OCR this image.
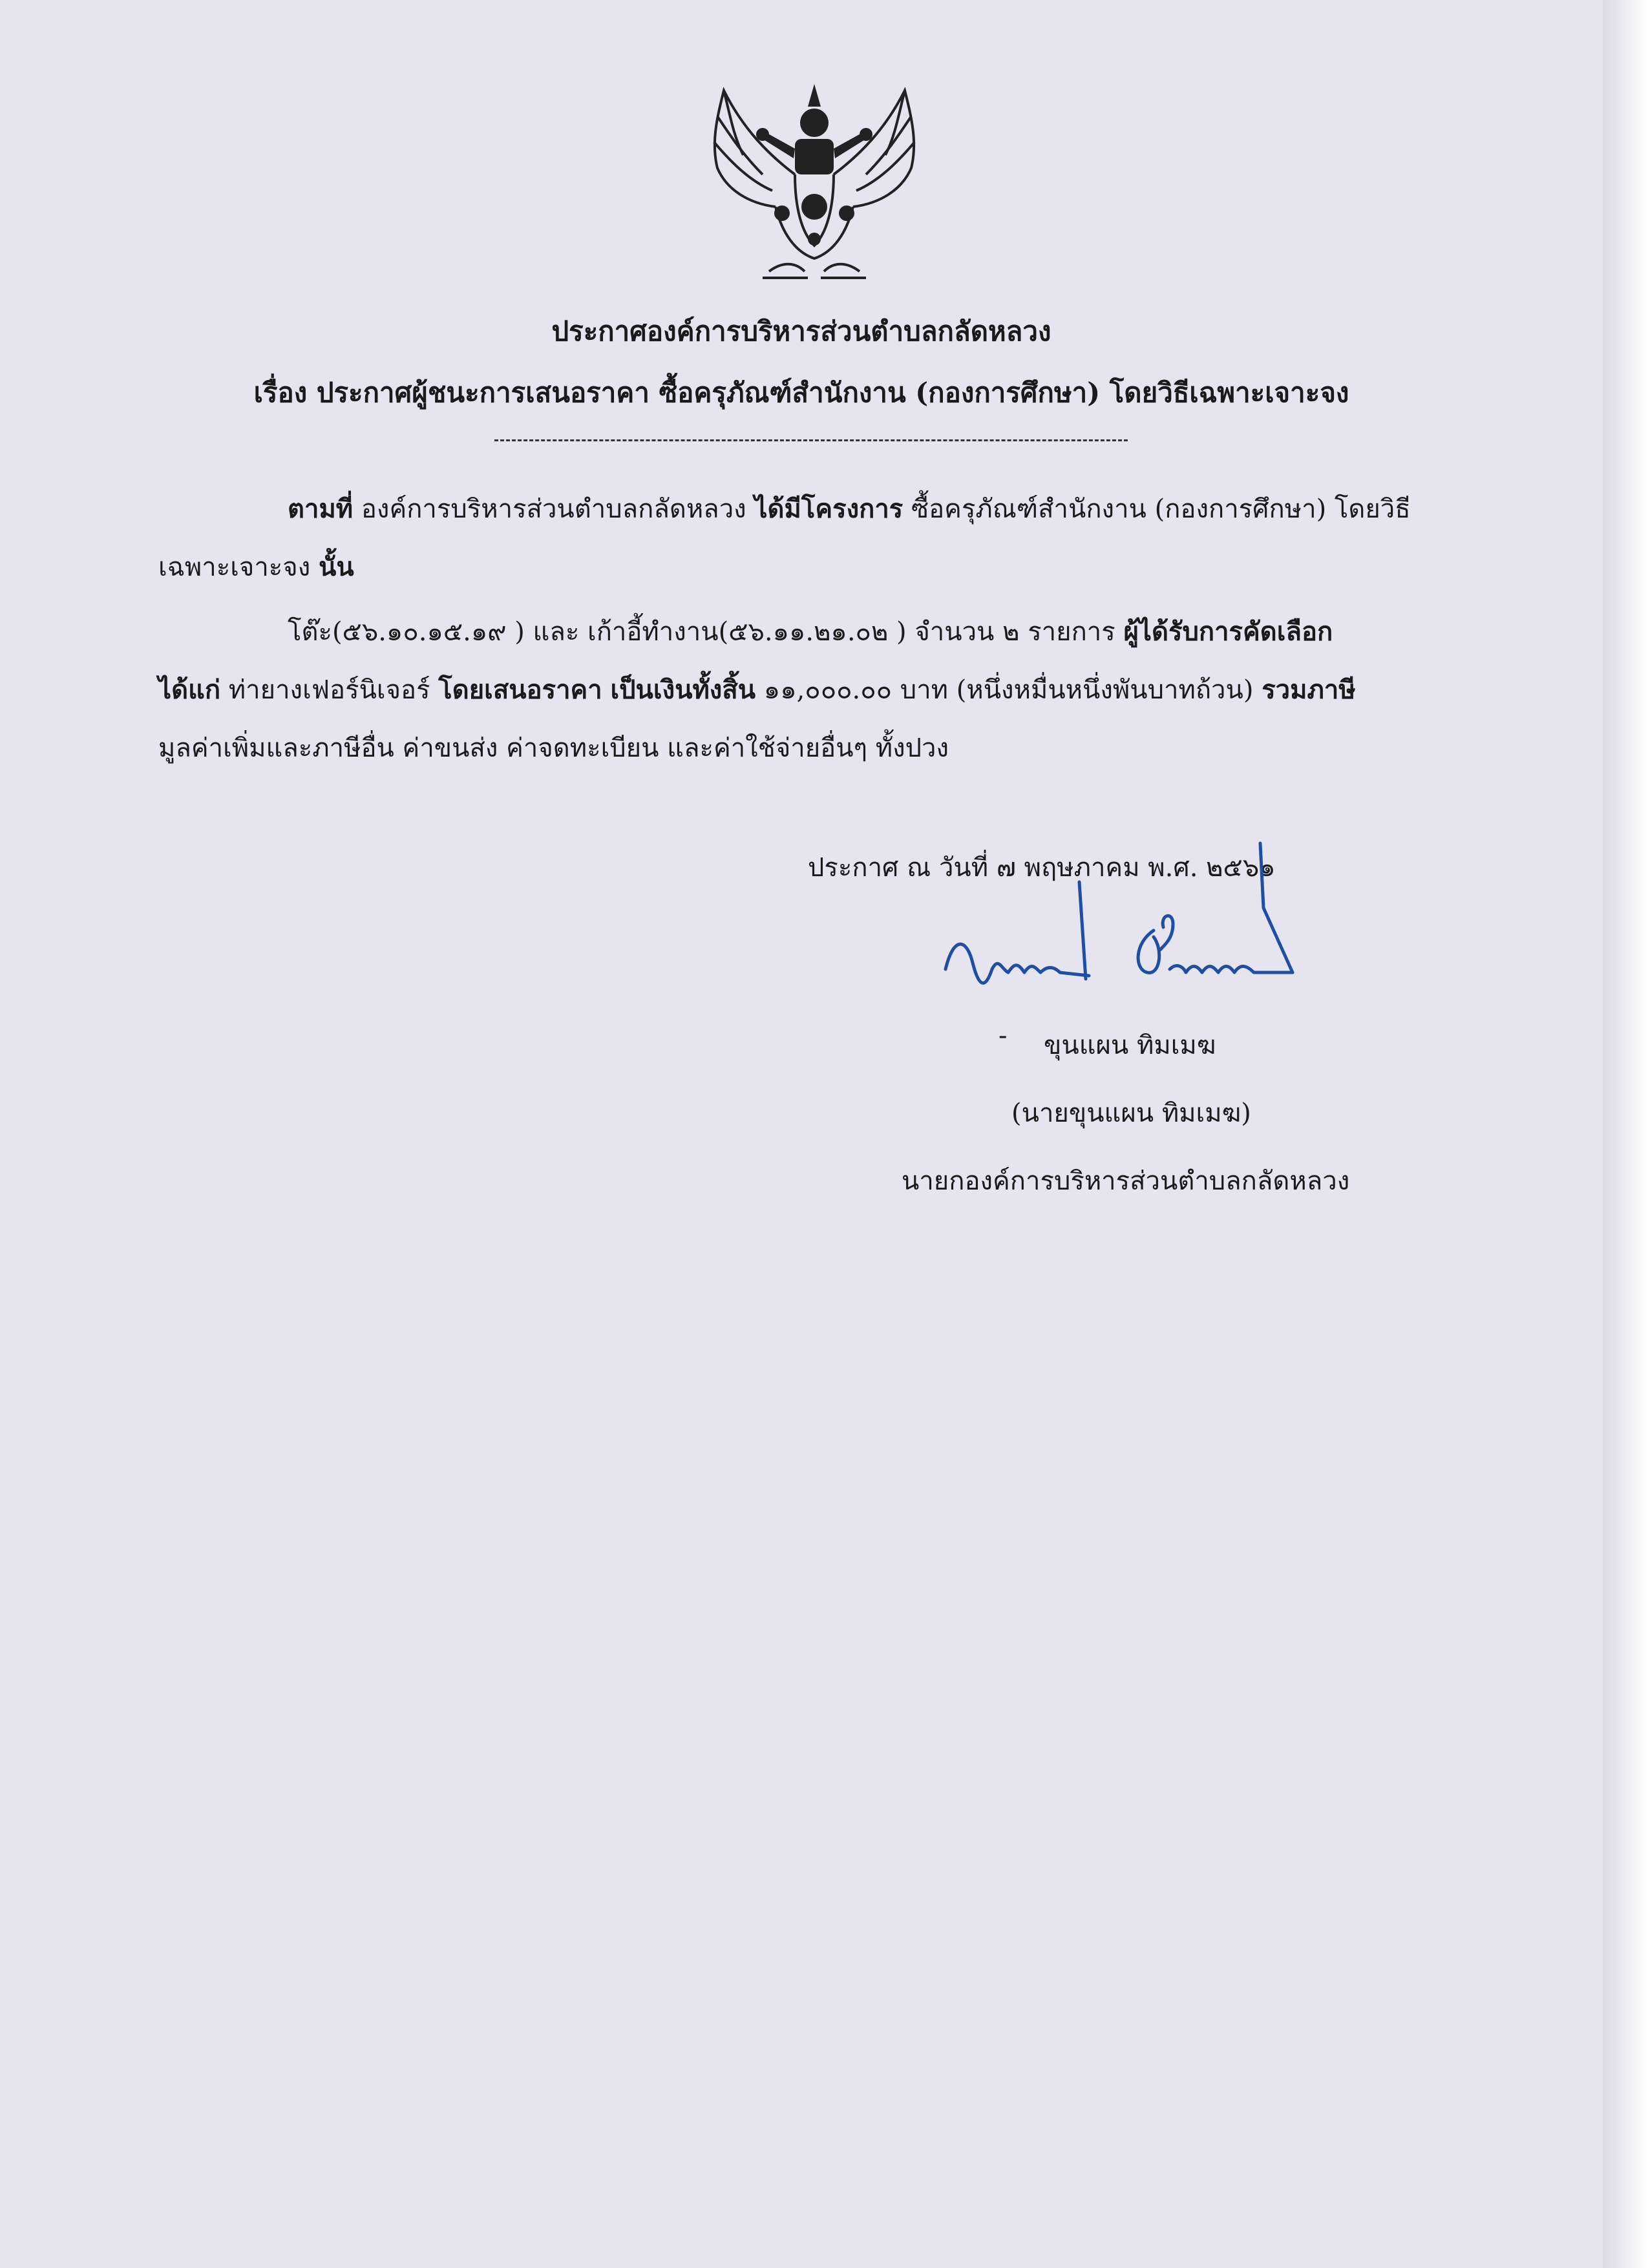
ประกาศองค์การบริหารส่วนตำบลกลัดหลวง
เรื่อง ประกาศผู้ชนะการเสนอราคา ซื้อครุภัณฑ์สำนักงาน (กองการศึกษา) โดยวิธีเฉพาะเจาะจง
ตามที่ องค์การบริหารส่วนตำบลกลัดหลวง ได้มีโครงการ ซื้อครุภัณฑ์สำนักงาน (กองการศึกษา) โดยวิธี
เฉพาะเจาะจง นั้น
โต๊ะ(๕๖.๑๐.๑๕.๑๙ ) และ เก้าอี้ทำงาน(๕๖.๑๑.๒๑.๐๒ ) จำนวน ๒ รายการ ผู้ได้รับการคัดเลือก
ได้แก่ ท่ายางเฟอร์นิเจอร์ โดยเสนอราคา เป็นเงินทั้งสิ้น ๑๑,๐๐๐.๐๐ บาท (หนึ่งหมื่นหนึ่งพันบาทถ้วน) รวมภาษี
มูลค่าเพิ่มและภาษีอื่น ค่าขนส่ง ค่าจดทะเบียน และค่าใช้จ่ายอื่นๆ ทั้งปวง
ประกาศ ณ วันที่ ๗ พฤษภาคม พ.ศ. ๒๕๖๑
- ขุนแผน ทิมเมฆ
(นายขุนแผน ทิมเมฆ)
นายกองค์การบริหารส่วนตำบลกลัดหลวง
